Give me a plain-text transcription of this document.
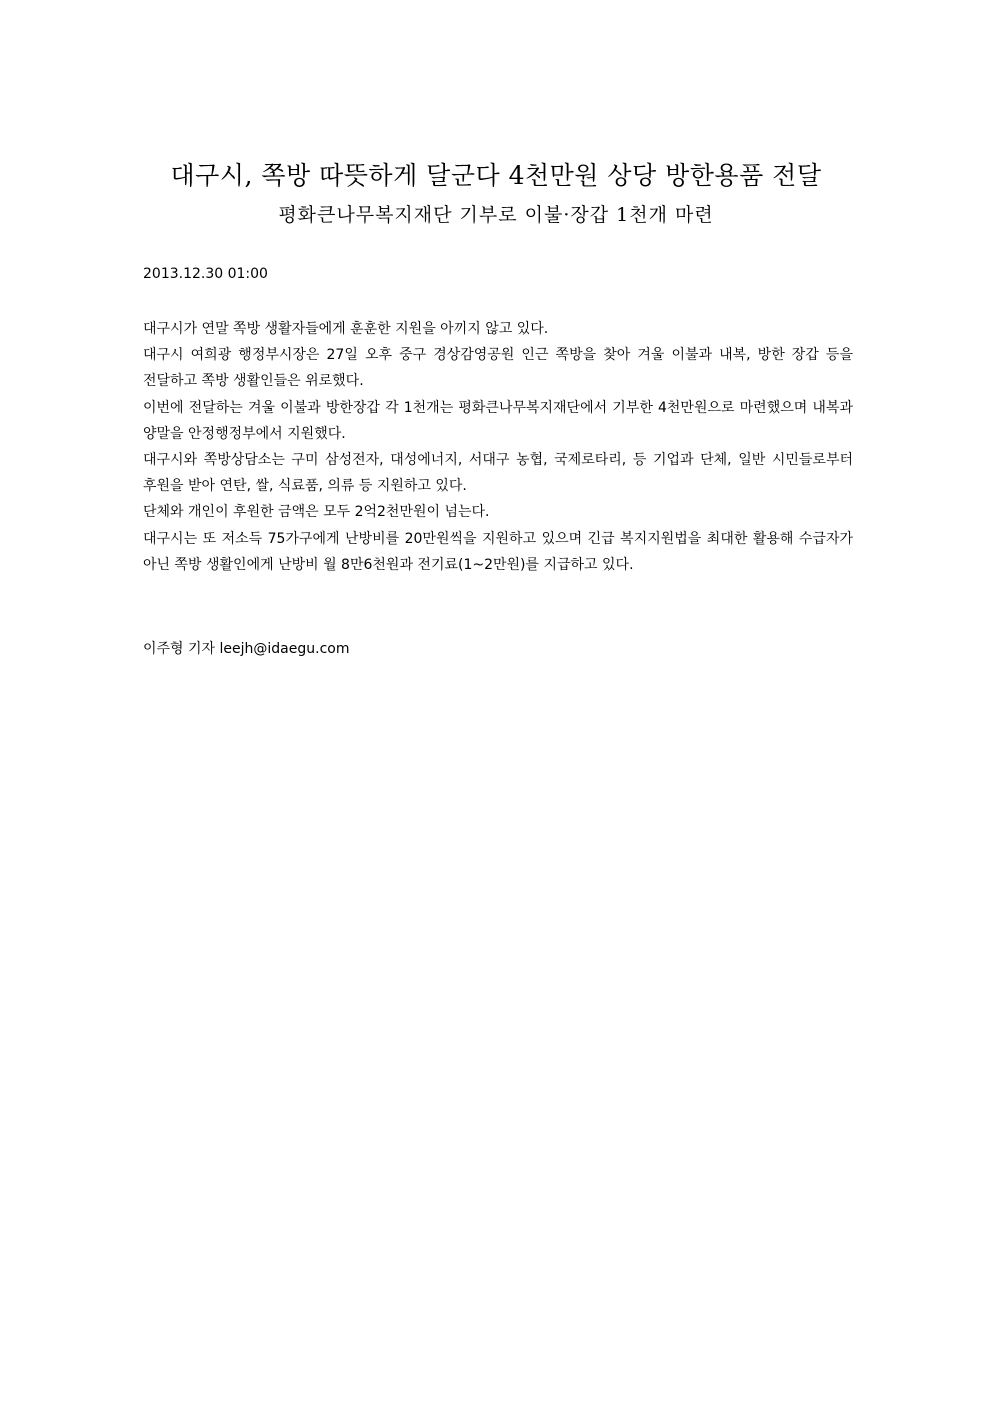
대구시, 쪽방 따뜻하게 달군다 4천만원 상당 방한용품 전달
평화큰나무복지재단 기부로 이불·장갑 1천개 마련
2013.12.30 01:00

대구시가 연말 쪽방 생활자들에게 훈훈한 지원을 아끼지 않고 있다.

대구시 여희광 행정부시장은 27일 오후 중구 경상감영공원 인근 쪽방을 찾아 겨울 이불과 내복, 방한 장갑 등을 전달하고 쪽방 생활인들은 위로했다.

이번에 전달하는 겨울 이불과 방한장갑 각 1천개는 평화큰나무복지재단에서 기부한 4천만원으로 마련했으며 내복과 양말을 안정행정부에서 지원했다.

대구시와 쪽방상담소는 구미 삼성전자, 대성에너지, 서대구 농협, 국제로타리, 등 기업과 단체, 일반 시민들로부터 후원을 받아 연탄, 쌀, 식료품, 의류 등 지원하고 있다.

단체와 개인이 후원한 금액은 모두 2억2천만원이 넘는다.

대구시는 또 저소득 75가구에게 난방비를 20만원씩을 지원하고 있으며 긴급 복지지원법을 최대한 활용해 수급자가 아닌 쪽방 생활인에게 난방비 월 8만6천원과 전기료(1~2만원)를 지급하고 있다.

이주형 기자 leejh@idaegu.com
